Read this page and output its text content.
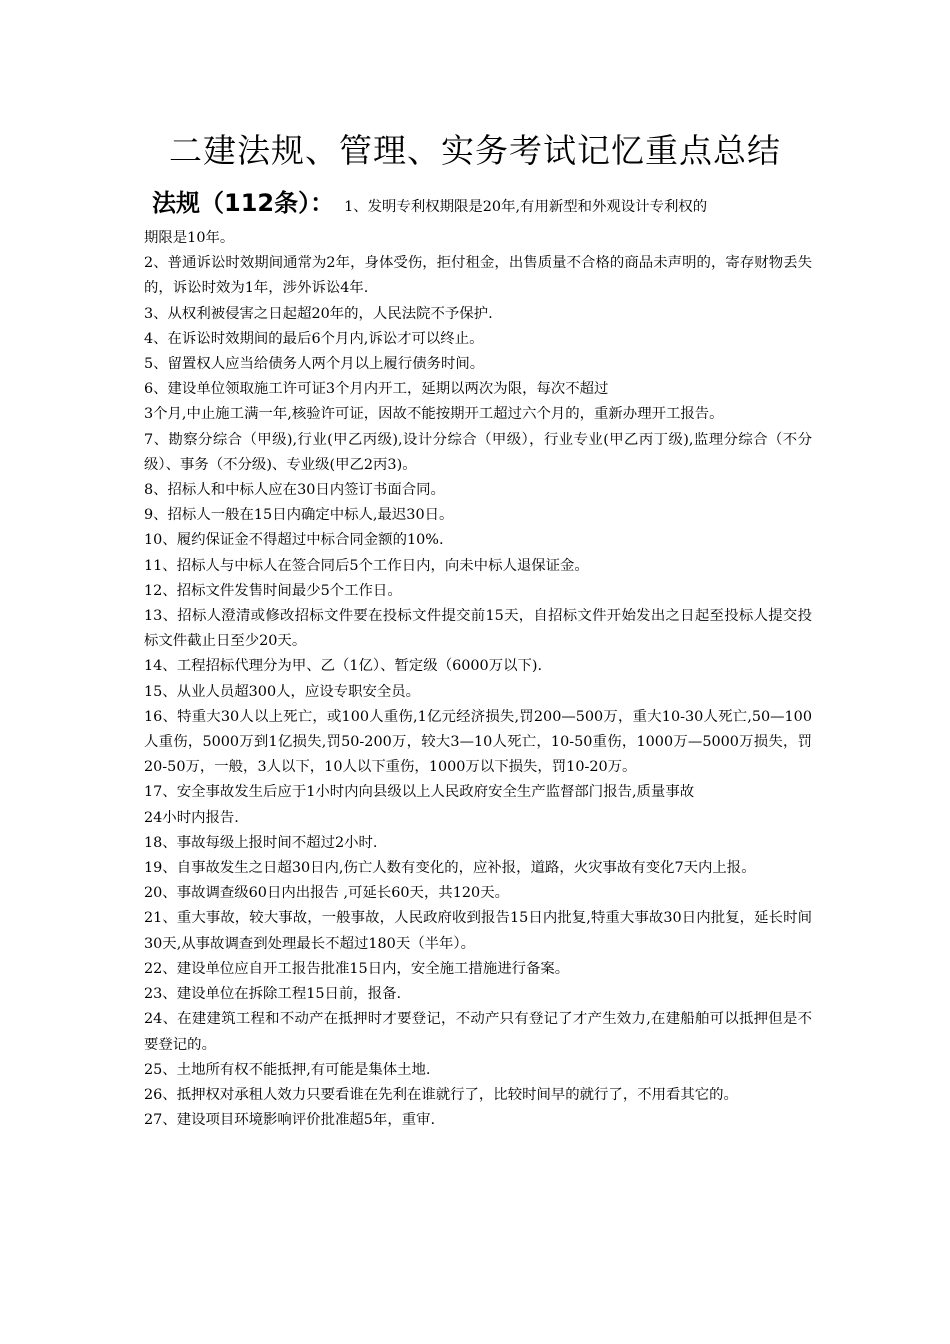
二建法规、管理、实务考试记忆重点总结

法规（112条）： 1、发明专利权期限是20年,有用新型和外观设计专利权的

期限是10年。

2、普通诉讼时效期间通常为2年，身体受伤，拒付租金，出售质量不合格的商品未声明的，寄存财物丢失的，诉讼时效为1年，涉外诉讼4年.

3、从权利被侵害之日起超20年的，人民法院不予保护.

4、在诉讼时效期间的最后6个月内,诉讼才可以终止。

5、留置权人应当给债务人两个月以上履行债务时间。

6、建设单位领取施工许可证3个月内开工，延期以两次为限，每次不超过

3个月,中止施工满一年,核验许可证，因故不能按期开工超过六个月的，重新办理开工报告。

7、勘察分综合（甲级),行业(甲乙丙级),设计分综合（甲级），行业专业(甲乙丙丁级),监理分综合（不分级）、事务（不分级)、专业级(甲乙2丙3)。

8、招标人和中标人应在30日内签订书面合同。

9、招标人一般在15日内确定中标人,最迟30日。

10、履约保证金不得超过中标合同金额的10%.

11、招标人与中标人在签合同后5个工作日内，向未中标人退保证金。

12、招标文件发售时间最少5个工作日。

13、招标人澄清或修改招标文件要在投标文件提交前15天，自招标文件开始发出之日起至投标人提交投标文件截止日至少20天。

14、工程招标代理分为甲、乙（1亿）、暂定级（6000万以下).

15、从业人员超300人，应设专职安全员。

16、特重大30人以上死亡，或100人重伤,1亿元经济损失,罚200—500万，重大10-30人死亡,50—100人重伤，5000万到1亿损失,罚50-200万，较大3—10人死亡，10-50重伤，1000万—5000万损失，罚20-50万，一般，3人以下，10人以下重伤，1000万以下损失，罚10-20万。

17、安全事故发生后应于1小时内向县级以上人民政府安全生产监督部门报告,质量事故

24小时内报告.

18、事故每级上报时间不超过2小时.

19、自事故发生之日超30日内,伤亡人数有变化的，应补报，道路，火灾事故有变化7天内上报。

20、事故调查级60日内出报告 ,可延长60天，共120天。

21、重大事故，较大事故，一般事故，人民政府收到报告15日内批复,特重大事故30日内批复，延长时间30天,从事故调查到处理最长不超过180天（半年）。

22、建设单位应自开工报告批准15日内，安全施工措施进行备案。

23、建设单位在拆除工程15日前，报备.

24、在建建筑工程和不动产在抵押时才要登记，不动产只有登记了才产生效力,在建船舶可以抵押但是不要登记的。

25、土地所有权不能抵押,有可能是集体土地.

26、抵押权对承租人效力只要看谁在先利在谁就行了，比较时间早的就行了，不用看其它的。

27、建设项目环境影响评价批准超5年，重审.
